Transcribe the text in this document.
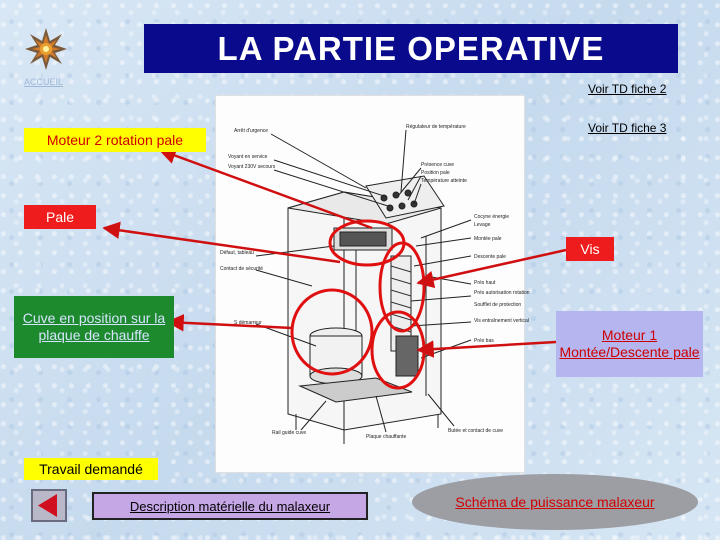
ACCUEIL
LA PARTIE OPERATIVE
Voir TD fiche 2
Voir TD fiche 3
Arrêt d'urgence
Régulateur de température
Voyant en service
Voyant 230V secours	Présence cuve
Position pale
Température atteinte
Cocyne énergie
Levage
Montée pale
Descente pale
Défaut, tableau
Contact de sécurité
Prés haut
Prés autorisation rotation
Soufflet de protection
Vis entraînement vertical
Prés bas
Rail guide cuve
Plaque chauffante
Butée et contact de cuve
S démarreur
Moteur 2 rotation pale
Pale
Vis
Cuve en position sur la plaque de chauffe	Moteur 1 Montée/Descente pale
Travail demandé
Description matérielle du malaxeur	Schéma de puissance malaxeur
